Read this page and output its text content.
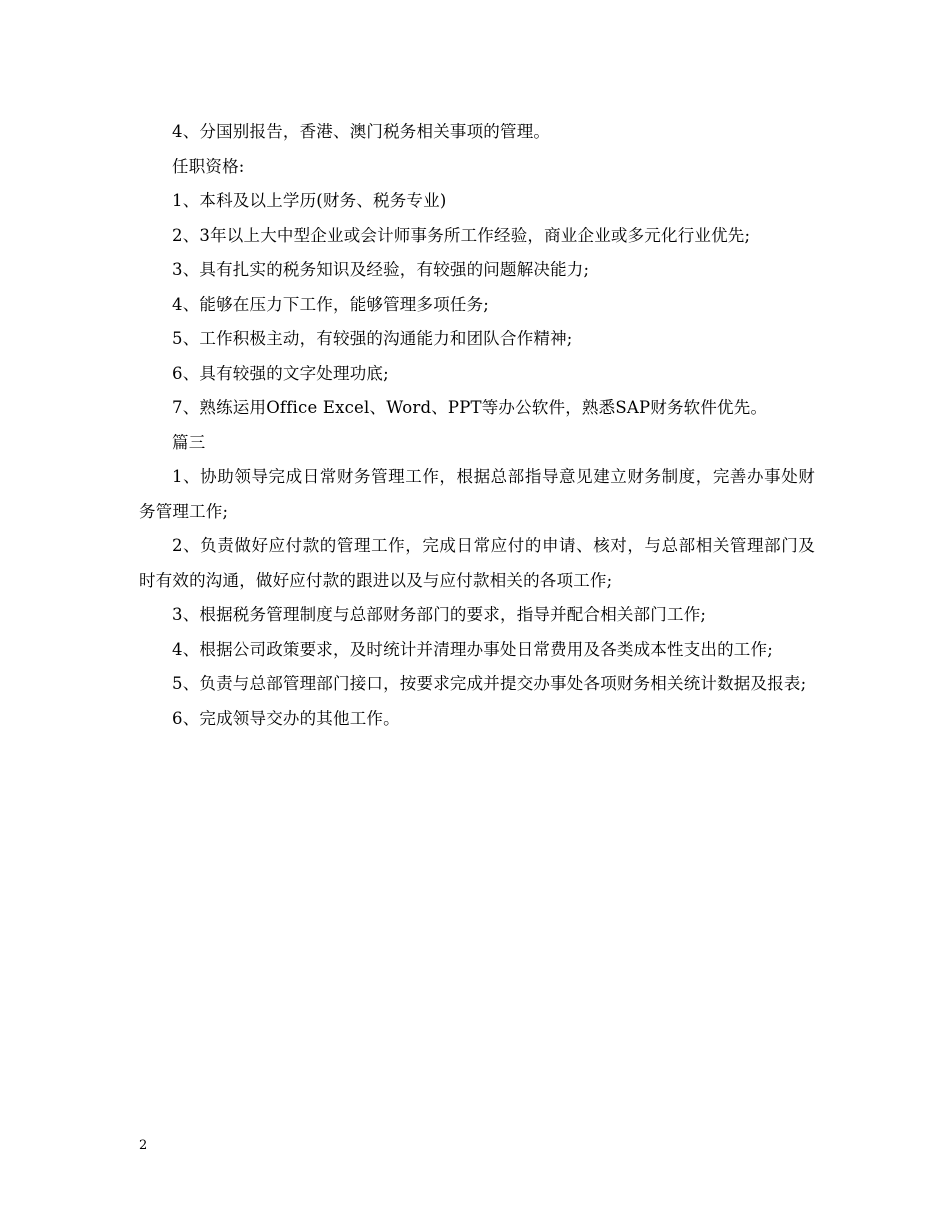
4、分国别报告，香港、澳门税务相关事项的管理。

任职资格:

1、本科及以上学历(财务、税务专业)

2、3年以上大中型企业或会计师事务所工作经验，商业企业或多元化行业优先;

3、具有扎实的税务知识及经验，有较强的问题解决能力;

4、能够在压力下工作，能够管理多项任务;

5、工作积极主动，有较强的沟通能力和团队合作精神;

6、具有较强的文字处理功底;

7、熟练运用Office Excel、Word、PPT等办公软件，熟悉SAP财务软件优先。

篇三

1、协助领导完成日常财务管理工作，根据总部指导意见建立财务制度，完善办事处财务管理工作;

2、负责做好应付款的管理工作，完成日常应付的申请、核对，与总部相关管理部门及时有效的沟通，做好应付款的跟进以及与应付款相关的各项工作;

3、根据税务管理制度与总部财务部门的要求，指导并配合相关部门工作;

4、根据公司政策要求，及时统计并清理办事处日常费用及各类成本性支出的工作;

5、负责与总部管理部门接口，按要求完成并提交办事处各项财务相关统计数据及报表;

6、完成领导交办的其他工作。

2
